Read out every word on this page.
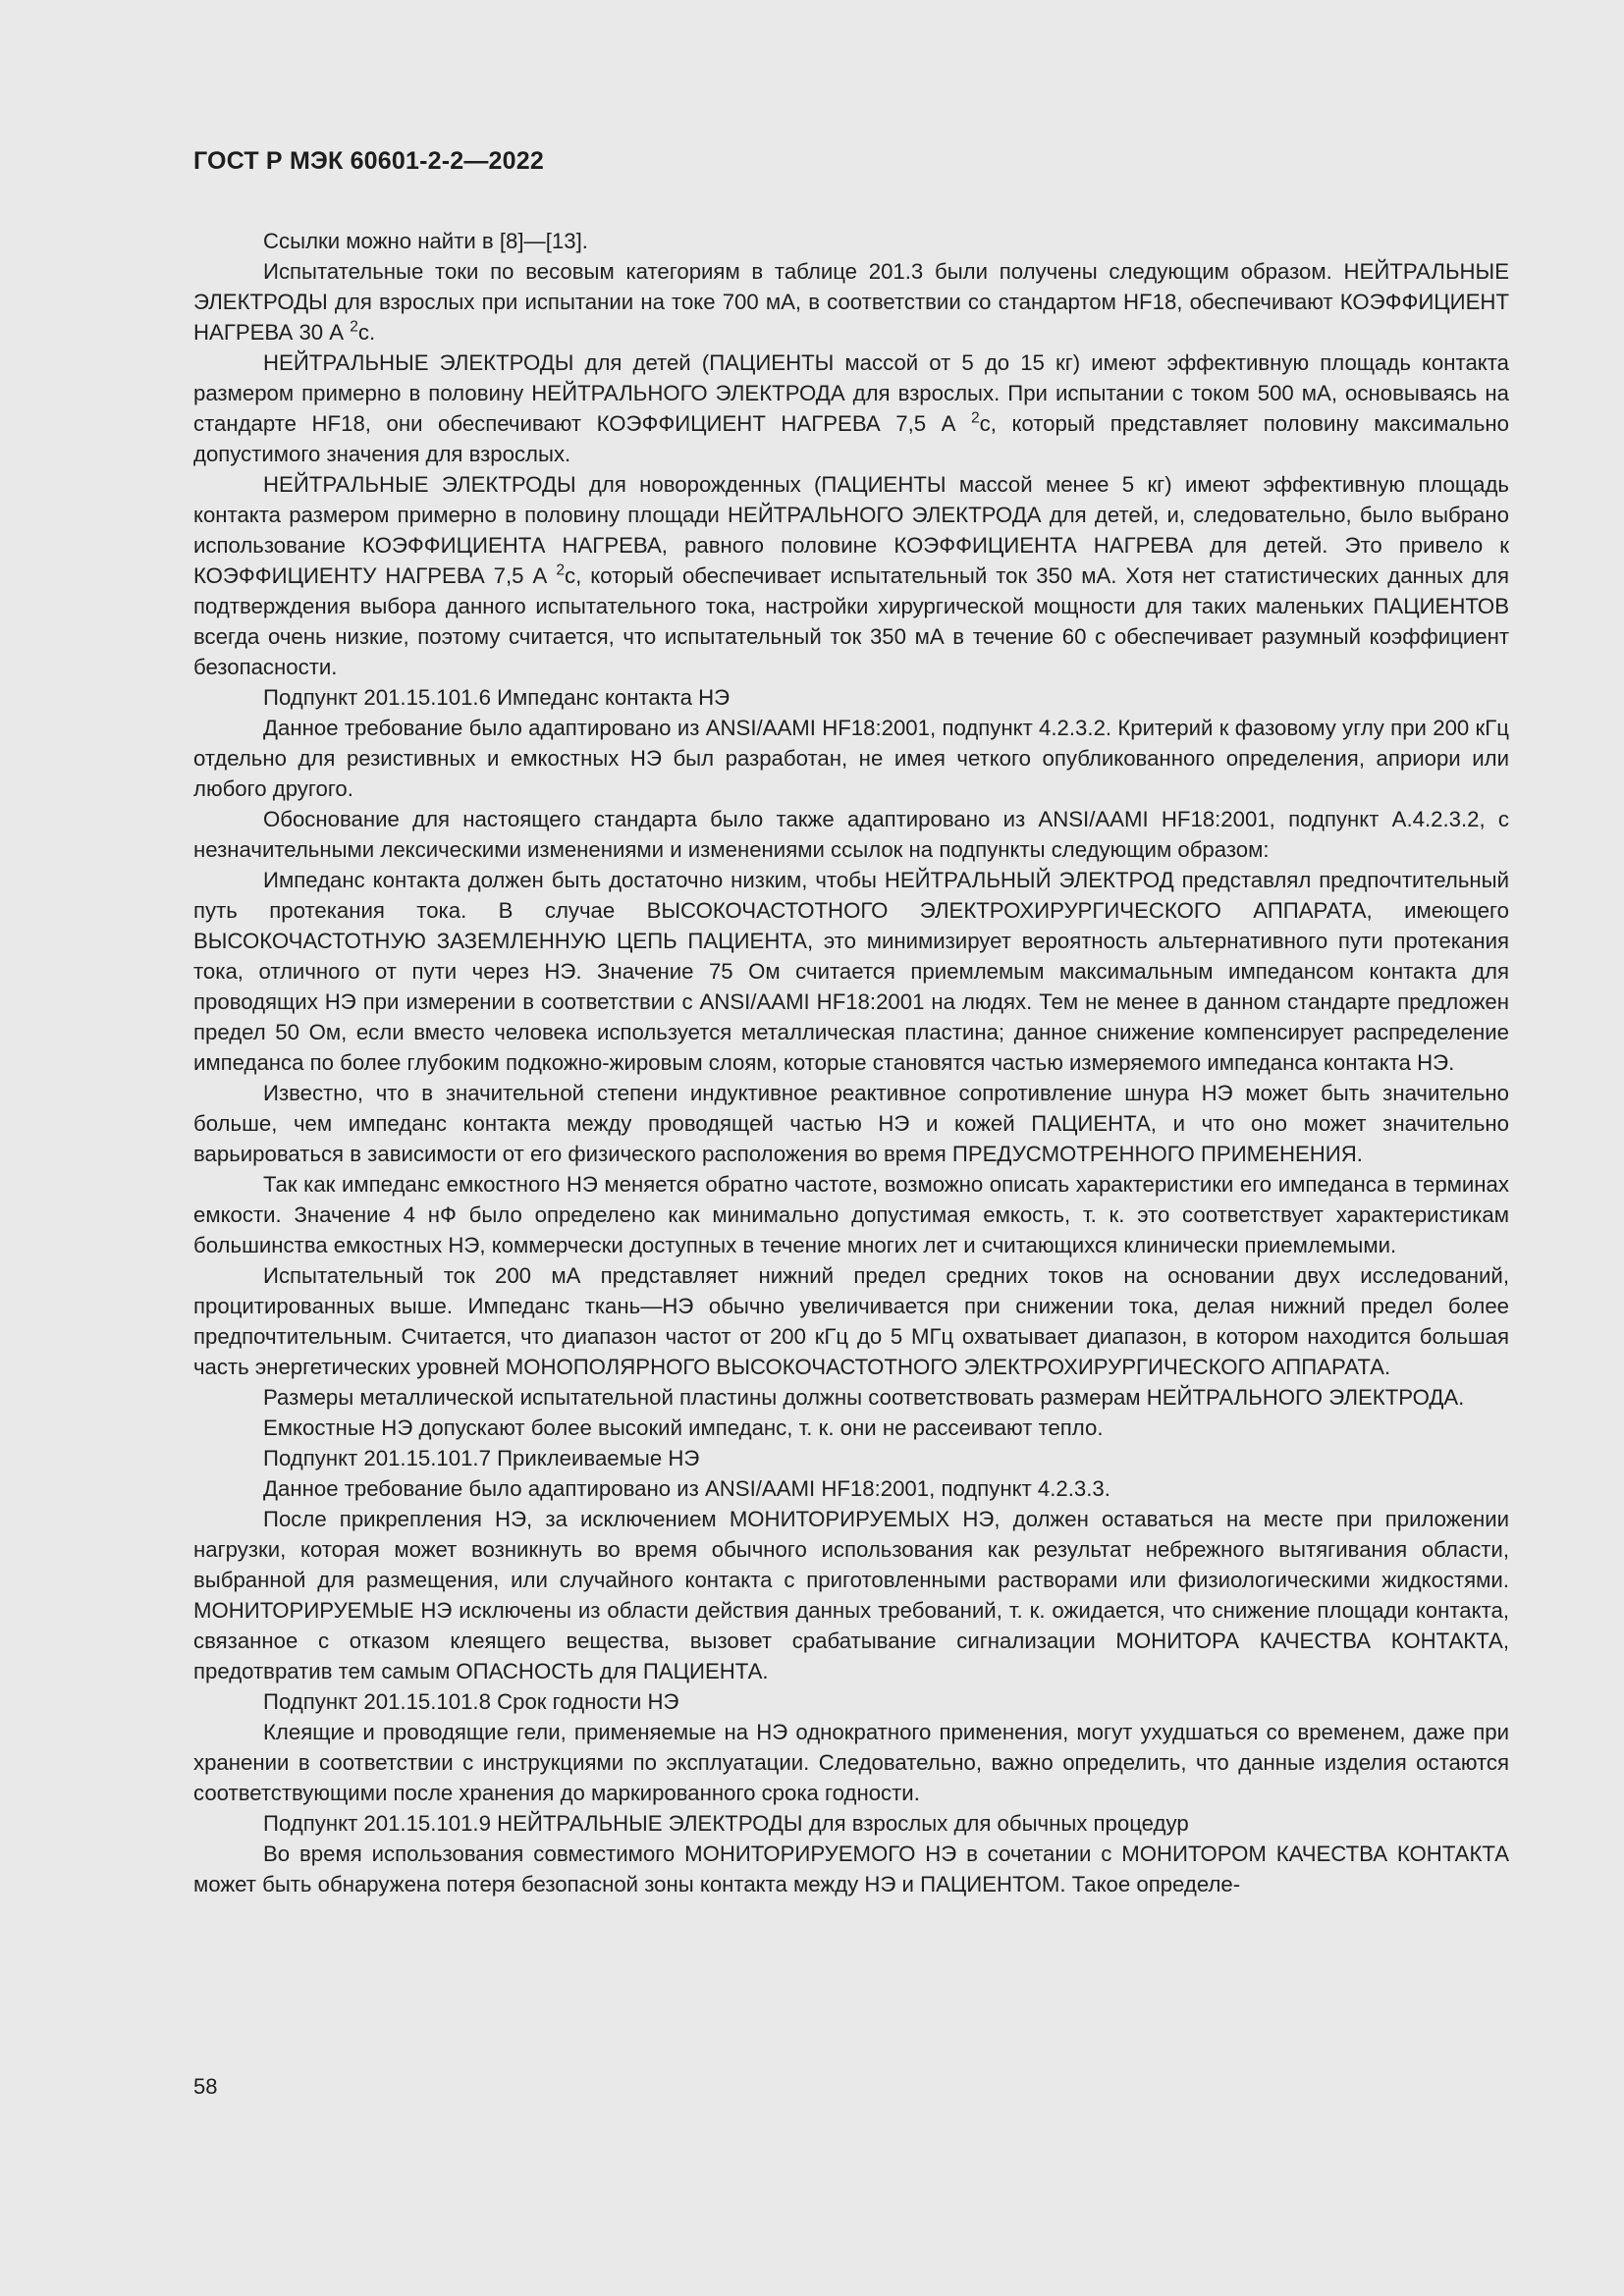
ГОСТ Р МЭК 60601-2-2—2022

Ссылки можно найти в [8]—[13].

Испытательные токи по весовым категориям в таблице 201.3 были получены следующим образом. НЕЙТРАЛЬНЫЕ ЭЛЕКТРОДЫ для взрослых при испытании на токе 700 мА, в соответствии со стандартом HF18, обеспечивают КОЭФФИЦИЕНТ НАГРЕВА 30 А $^2$с.

НЕЙТРАЛЬНЫЕ ЭЛЕКТРОДЫ для детей (ПАЦИЕНТЫ массой от 5 до 15 кг) имеют эффективную площадь контакта размером примерно в половину НЕЙТРАЛЬНОГО ЭЛЕКТРОДА для взрослых. При испытании с током 500 мА, основываясь на стандарте HF18, они обеспечивают КОЭФФИЦИЕНТ НАГРЕВА 7,5 А $^2$с, который представляет половину максимально допустимого значения для взрослых.

НЕЙТРАЛЬНЫЕ ЭЛЕКТРОДЫ для новорожденных (ПАЦИЕНТЫ массой менее 5 кг) имеют эффективную площадь контакта размером примерно в половину площади НЕЙТРАЛЬНОГО ЭЛЕКТРОДА для детей, и, следовательно, было выбрано использование КОЭФФИЦИЕНТА НАГРЕВА, равного половине КОЭФФИЦИЕНТА НАГРЕВА для детей. Это привело к КОЭФФИЦИЕНТУ НАГРЕВА 7,5 А $^2$с, который обеспечивает испытательный ток 350 мА. Хотя нет статистических данных для подтверждения выбора данного испытательного тока, настройки хирургической мощности для таких маленьких ПАЦИЕНТОВ всегда очень низкие, поэтому считается, что испытательный ток 350 мА в течение 60 с обеспечивает разумный коэффициент безопасности.

Подпункт 201.15.101.6 Импеданс контакта НЭ

Данное требование было адаптировано из ANSI/AAMI HF18:2001, подпункт 4.2.3.2. Критерий к фазовому углу при 200 кГц отдельно для резистивных и емкостных НЭ был разработан, не имея четкого опубликованного определения, априори или любого другого.

Обоснование для настоящего стандарта было также адаптировано из ANSI/AAMI HF18:2001, подпункт А.4.2.3.2, с незначительными лексическими изменениями и изменениями ссылок на подпункты следующим образом:

Импеданс контакта должен быть достаточно низким, чтобы НЕЙТРАЛЬНЫЙ ЭЛЕКТРОД представлял предпочтительный путь протекания тока. В случае ВЫСОКОЧАСТОТНОГО ЭЛЕКТРОХИРУРГИЧЕСКОГО АППАРАТА, имеющего ВЫСОКОЧАСТОТНУЮ ЗАЗЕМЛЕННУЮ ЦЕПЬ ПАЦИЕНТА, это минимизирует вероятность альтернативного пути протекания тока, отличного от пути через НЭ. Значение 75 Ом считается приемлемым максимальным импедансом контакта для проводящих НЭ при измерении в соответствии с ANSI/AAMI HF18:2001 на людях. Тем не менее в данном стандарте предложен предел 50 Ом, если вместо человека используется металлическая пластина; данное снижение компенсирует распределение импеданса по более глубоким подкожно-жировым слоям, которые становятся частью измеряемого импеданса контакта НЭ.

Известно, что в значительной степени индуктивное реактивное сопротивление шнура НЭ может быть значительно больше, чем импеданс контакта между проводящей частью НЭ и кожей ПАЦИЕНТА, и что оно может значительно варьироваться в зависимости от его физического расположения во время ПРЕДУСМОТРЕННОГО ПРИМЕНЕНИЯ.

Так как импеданс емкостного НЭ меняется обратно частоте, возможно описать характеристики его импеданса в терминах емкости. Значение 4 нФ было определено как минимально допустимая емкость, т. к. это соответствует характеристикам большинства емкостных НЭ, коммерчески доступных в течение многих лет и считающихся клинически приемлемыми.

Испытательный ток 200 мА представляет нижний предел средних токов на основании двух исследований, процитированных выше. Импеданс ткань—НЭ обычно увеличивается при снижении тока, делая нижний предел более предпочтительным. Считается, что диапазон частот от 200 кГц до 5 МГц охватывает диапазон, в котором находится большая часть энергетических уровней МОНОПОЛЯРНОГО ВЫСОКОЧАСТОТНОГО ЭЛЕКТРОХИРУРГИЧЕСКОГО АППАРАТА.

Размеры металлической испытательной пластины должны соответствовать размерам НЕЙТРАЛЬНОГО ЭЛЕКТРОДА.

Емкостные НЭ допускают более высокий импеданс, т. к. они не рассеивают тепло.

Подпункт 201.15.101.7 Приклеиваемые НЭ

Данное требование было адаптировано из ANSI/AAMI HF18:2001, подпункт 4.2.3.3.

После прикрепления НЭ, за исключением МОНИТОРИРУЕМЫХ НЭ, должен оставаться на месте при приложении нагрузки, которая может возникнуть во время обычного использования как результат небрежного вытягивания области, выбранной для размещения, или случайного контакта с приготовленными растворами или физиологическими жидкостями. МОНИТОРИРУЕМЫЕ НЭ исключены из области действия данных требований, т. к. ожидается, что снижение площади контакта, связанное с отказом клеящего вещества, вызовет срабатывание сигнализации МОНИТОРА КАЧЕСТВА КОНТАКТА, предотвратив тем самым ОПАСНОСТЬ для ПАЦИЕНТА.

Подпункт 201.15.101.8 Срок годности НЭ

Клеящие и проводящие гели, применяемые на НЭ однократного применения, могут ухудшаться со временем, даже при хранении в соответствии с инструкциями по эксплуатации. Следовательно, важно определить, что данные изделия остаются соответствующими после хранения до маркированного срока годности.

Подпункт 201.15.101.9 НЕЙТРАЛЬНЫЕ ЭЛЕКТРОДЫ для взрослых для обычных процедур

Во время использования совместимого МОНИТОРИРУЕМОГО НЭ в сочетании с МОНИТОРОМ КАЧЕСТВА КОНТАКТА может быть обнаружена потеря безопасной зоны контакта между НЭ и ПАЦИЕНТОМ. Такое определе-

58
